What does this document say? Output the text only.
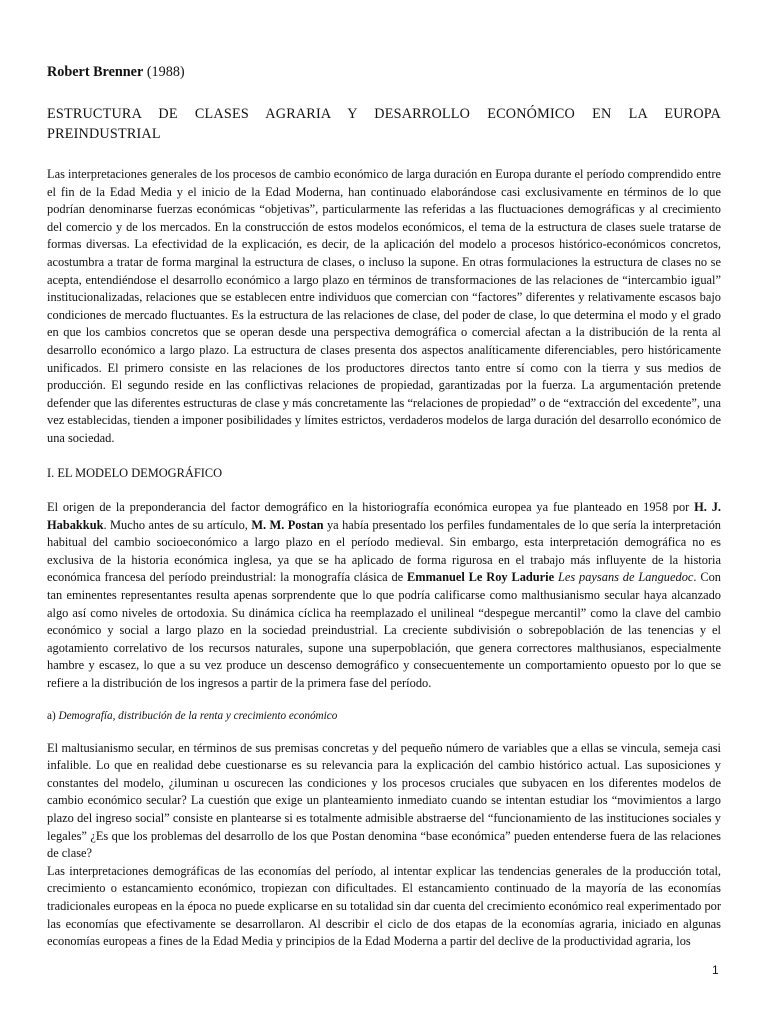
Robert Brenner (1988)

ESTRUCTURA DE CLASES AGRARIA Y DESARROLLO ECONÓMICO EN LA EUROPA PREINDUSTRIAL

Las interpretaciones generales de los procesos de cambio económico de larga duración en Europa durante el período comprendido entre el fin de la Edad Media y el inicio de la Edad Moderna, han continuado elaborándose casi exclusivamente en términos de lo que podrían denominarse fuerzas económicas “objetivas”, particularmente las referidas a las fluctuaciones demográficas y al crecimiento del comercio y de los mercados. En la construcción de estos modelos económicos, el tema de la estructura de clases suele tratarse de formas diversas. La efectividad de la explicación, es decir, de la aplicación del modelo a procesos histórico-económicos concretos, acostumbra a tratar de forma marginal la estructura de clases, o incluso la supone. En otras formulaciones la estructura de clases no se acepta, entendiéndose el desarrollo económico a largo plazo en términos de transformaciones de las relaciones de “intercambio igual” institucionalizadas, relaciones que se establecen entre individuos que comercian con “factores” diferentes y relativamente escasos bajo condiciones de mercado fluctuantes. Es la estructura de las relaciones de clase, del poder de clase, lo que determina el modo y el grado en que los cambios concretos que se operan desde una perspectiva demográfica o comercial afectan a la distribución de la renta al desarrollo económico a largo plazo. La estructura de clases presenta dos aspectos analíticamente diferenciables, pero históricamente unificados. El primero consiste en las relaciones de los productores directos tanto entre sí como con la tierra y sus medios de producción. El segundo reside en las conflictivas relaciones de propiedad, garantizadas por la fuerza. La argumentación pretende defender que las diferentes estructuras de clase y más concretamente las “relaciones de propiedad” o de “extracción del excedente”, una vez establecidas, tienden a imponer posibilidades y límites estrictos, verdaderos modelos de larga duración del desarrollo económico de una sociedad.

I. EL MODELO DEMOGRÁFICO

El origen de la preponderancia del factor demográfico en la historiografía económica europea ya fue planteado en 1958 por H. J. Habakkuk. Mucho antes de su artículo, M. M. Postan ya había presentado los perfiles fundamentales de lo que sería la interpretación habitual del cambio socioeconómico a largo plazo en el período medieval. Sin embargo, esta interpretación demográfica no es exclusiva de la historia económica inglesa, ya que se ha aplicado de forma rigurosa en el trabajo más influyente de la historia económica francesa del período preindustrial: la monografía clásica de Emmanuel Le Roy Ladurie Les paysans de Languedoc. Con tan eminentes representantes resulta apenas sorprendente que lo que podría calificarse como malthusianismo secular haya alcanzado algo así como niveles de ortodoxia. Su dinámica cíclica ha reemplazado el unilineal “despegue mercantil” como la clave del cambio económico y social a largo plazo en la sociedad preindustrial. La creciente subdivisión o sobrepoblación de las tenencias y el agotamiento correlativo de los recursos naturales, supone una superpoblación, que genera correctores malthusianos, especialmente hambre y escasez, lo que a su vez produce un descenso demográfico y consecuentemente un comportamiento opuesto por lo que se refiere a la distribución de los ingresos a partir de la primera fase del período.

a) Demografía, distribución de la renta y crecimiento económico

El maltusianismo secular, en términos de sus premisas concretas y del pequeño número de variables que a ellas se vincula, semeja casi infalible. Lo que en realidad debe cuestionarse es su relevancia para la explicación del cambio histórico actual. Las suposiciones y constantes del modelo, ¿iluminan u oscurecen las condiciones y los procesos cruciales que subyacen en los diferentes modelos de cambio económico secular? La cuestión que exige un planteamiento inmediato cuando se intentan estudiar los “movimientos a largo plazo del ingreso social” consiste en plantearse si es totalmente admisible abstraerse del “funcionamiento de las instituciones sociales y legales” ¿Es que los problemas del desarrollo de los que Postan denomina “base económica” pueden entenderse fuera de las relaciones de clase?

Las interpretaciones demográficas de las economías del período, al intentar explicar las tendencias generales de la producción total, crecimiento o estancamiento económico, tropiezan con dificultades. El estancamiento continuado de la mayoría de las economías tradicionales europeas en la época no puede explicarse en su totalidad sin dar cuenta del crecimiento económico real experimentado por las economías que efectivamente se desarrollaron. Al describir el ciclo de dos etapas de la economías agraria, iniciado en algunas economías europeas a fines de la Edad Media y principios de la Edad Moderna a partir del declive de la productividad agraria, los

1
